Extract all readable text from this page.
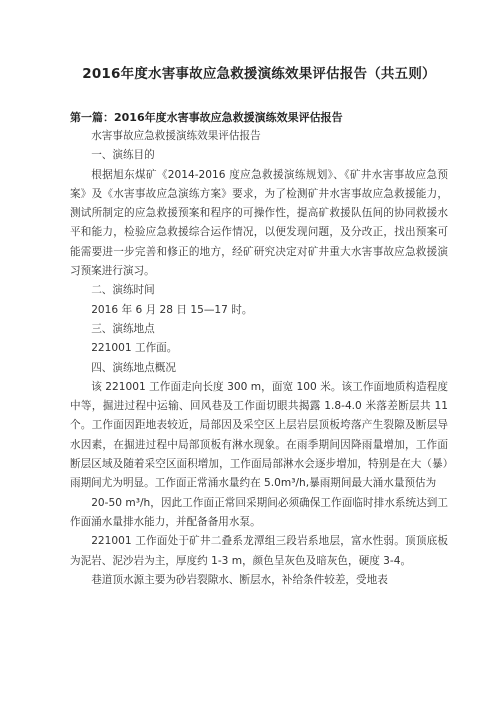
2016年度水害事故应急救援演练效果评估报告（共五则）
第一篇：2016年度水害事故应急救援演练效果评估报告

水害事故应急救援演练效果评估报告

一、演练目的

根据旭东煤矿《2014-2016 度应急救援演练规划》、《矿井水害事故应急预案》及《水害事故应急演练方案》要求，为了检测矿井水害事故应急救援能力，测试所制定的应急救援预案和程序的可操作性，提高矿救援队伍间的协同救援水平和能力，检验应急救援综合运作情况，以便发现问题，及分改正，找出预案可能需要进一步完善和修正的地方，经矿研究决定对矿井重大水害事故应急救援演习预案进行演习。

二、演练时间

2016 年 6 月 28 日 15—17 时。

三、演练地点

221001 工作面。

四、演练地点概况

该 221001 工作面走向长度 300 m，面宽 100 米。该工作面地质构造程度中等，掘进过程中运输、回风巷及工作面切眼共揭露 1.8-4.0 米落差断层共 11 个。工作面因距地表较近，局部因及采空区上层岩层顶板垮落产生裂隙及断层导水因素，在掘进过程中局部顶板有淋水现象。在雨季期间因降雨量增加，工作面断层区域及随着采空区面积增加，工作面局部淋水会逐步增加，特别是在大（暴）雨期间尤为明显。工作面正常涌水量约在 5.0m³/h,暴雨期间最大涌水量预估为

20-50 m³/h，因此工作面正常回采期间必须确保工作面临时排水系统达到工作面涌水量排水能力，并配备备用水泵。

221001 工作面处于矿井二叠系龙潭组三段岩系地层，富水性弱。顶顶底板为泥岩、泥沙岩为主，厚度约 1-3 m，颜色呈灰色及暗灰色，硬度 3-4。

巷道顶水源主要为砂岩裂隙水、断层水，补给条件较差，受地表
